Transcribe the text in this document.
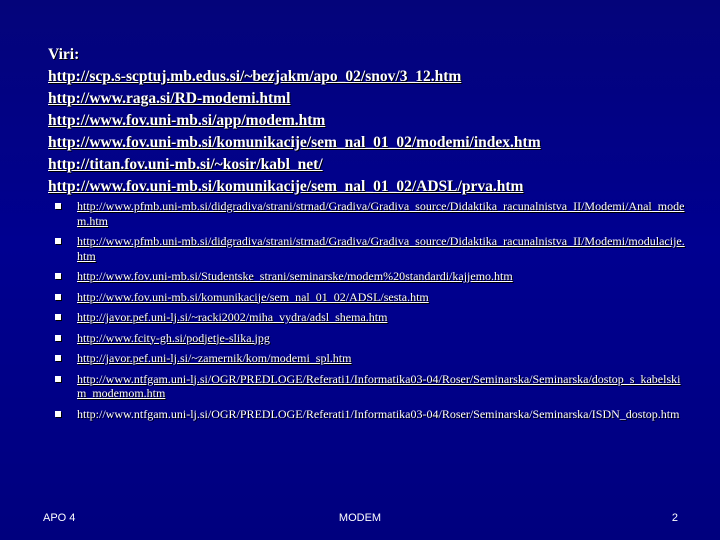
Viri:
http://scp.s-scptuj.mb.edus.si/~bezjakm/apo_02/snov/3_12.htm
http://www.raga.si/RD-modemi.html
http://www.fov.uni-mb.si/app/modem.htm
http://www.fov.uni-mb.si/komunikacije/sem_nal_01_02/modemi/index.htm
http://titan.fov.uni-mb.si/~kosir/kabl_net/
http://www.fov.uni-mb.si/komunikacije/sem_nal_01_02/ADSL/prva.htm
http://www.pfmb.uni-mb.si/didgradiva/strani/strnad/Gradiva/Gradiva_source/Didaktika_racunalnistva_II/Modemi/Anal_modem.htm
http://www.pfmb.uni-mb.si/didgradiva/strani/strnad/Gradiva/Gradiva_source/Didaktika_racunalnistva_II/Modemi/modulacije.htm
http://www.fov.uni-mb.si/Studentske_strani/seminarske/modem%20standardi/kajjemo.htm
http://www.fov.uni-mb.si/komunikacije/sem_nal_01_02/ADSL/sesta.htm
http://javor.pef.uni-lj.si/~racki2002/miha_vydra/adsl_shema.htm
http://www.fcity-gh.si/podjetje-slika.jpg
http://javor.pef.uni-lj.si/~zamernik/kom/modemi_spl.htm
http://www.ntfgam.uni-lj.si/OGR/PREDLOGE/Referati1/Informatika03-04/Roser/Seminarska/Seminarska/dostop_s_kabelskim_modemom.htm
http://www.ntfgam.uni-lj.si/OGR/PREDLOGE/Referati1/Informatika03-04/Roser/Seminarska/Seminarska/ISDN_dostop.htm
APO 4	MODEM	2
